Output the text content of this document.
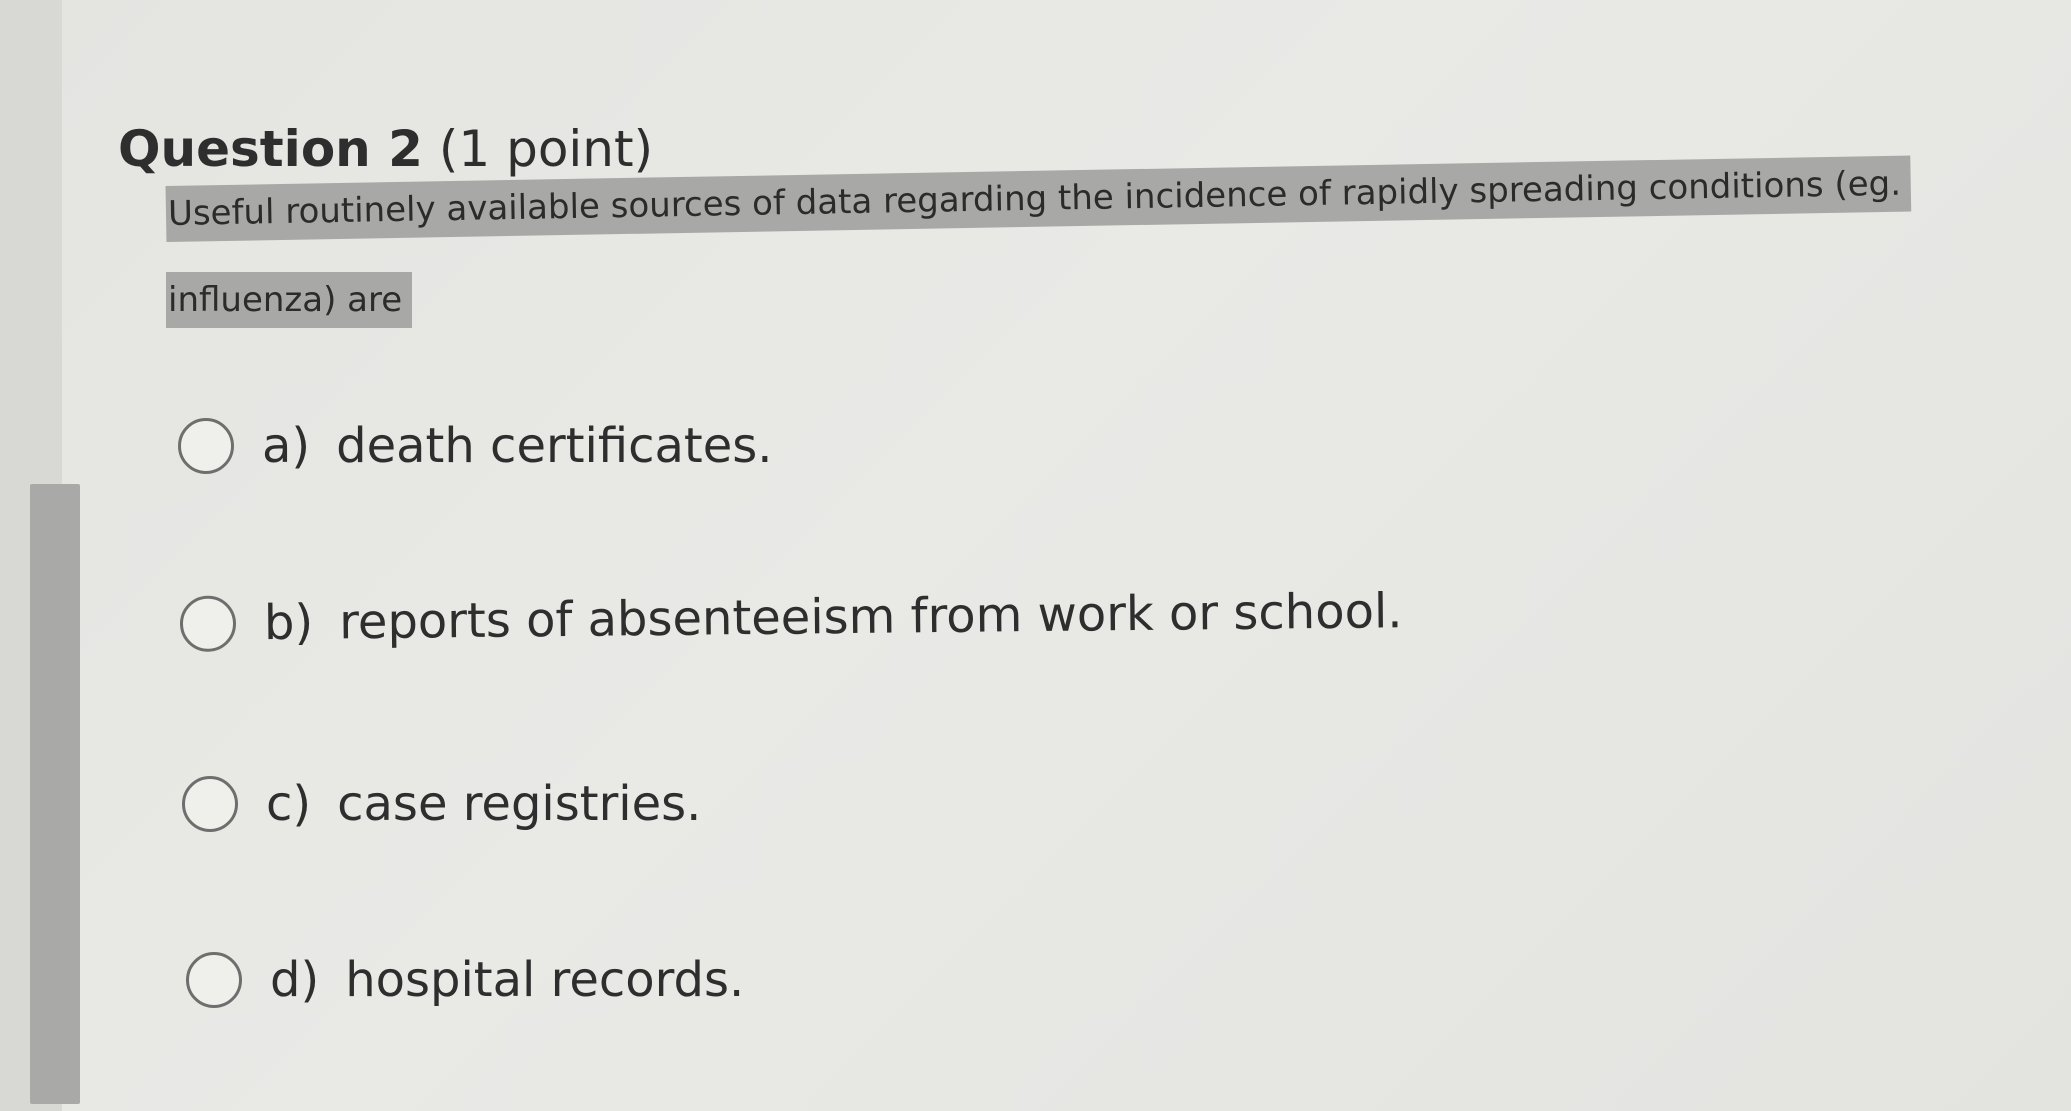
Question 2 (1 point)
Useful routinely available sources of data regarding the incidence of rapidly spreading conditions (eg.
influenza) are
a) death certificates.
b) reports of absenteeism from work or school.
c) case registries.
d) hospital records.
